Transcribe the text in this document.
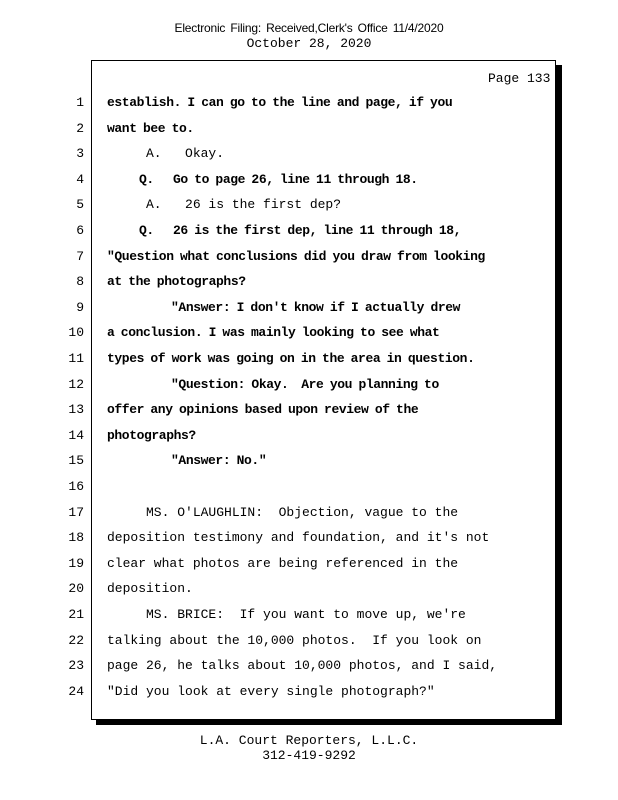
Electronic Filing: Received,Clerk's Office 11/4/2020
October 28, 2020
Page 133
1 establish. I can go to the line and page, if you
2 want bee to.
3 A.   Okay.
4 Q.   Go to page 26, line 11 through 18.
5 A.   26 is the first dep?
6 Q.   26 is the first dep, line 11 through 18,
7 "Question what conclusions did you draw from looking
8 at the photographs?
9 "Answer: I don't know if I actually drew
10 a conclusion. I was mainly looking to see what
11 types of work was going on in the area in question.
12 "Question: Okay.  Are you planning to
13 offer any opinions based upon review of the
14 photographs?
15 "Answer: No."
16
17 MS. O'LAUGHLIN:  Objection, vague to the
18 deposition testimony and foundation, and it's not
19 clear what photos are being referenced in the
20 deposition.
21 MS. BRICE:  If you want to move up, we're
22 talking about the 10,000 photos.  If you look on
23 page 26, he talks about 10,000 photos, and I said,
24 "Did you look at every single photograph?"
L.A. Court Reporters, L.L.C.
312-419-9292
